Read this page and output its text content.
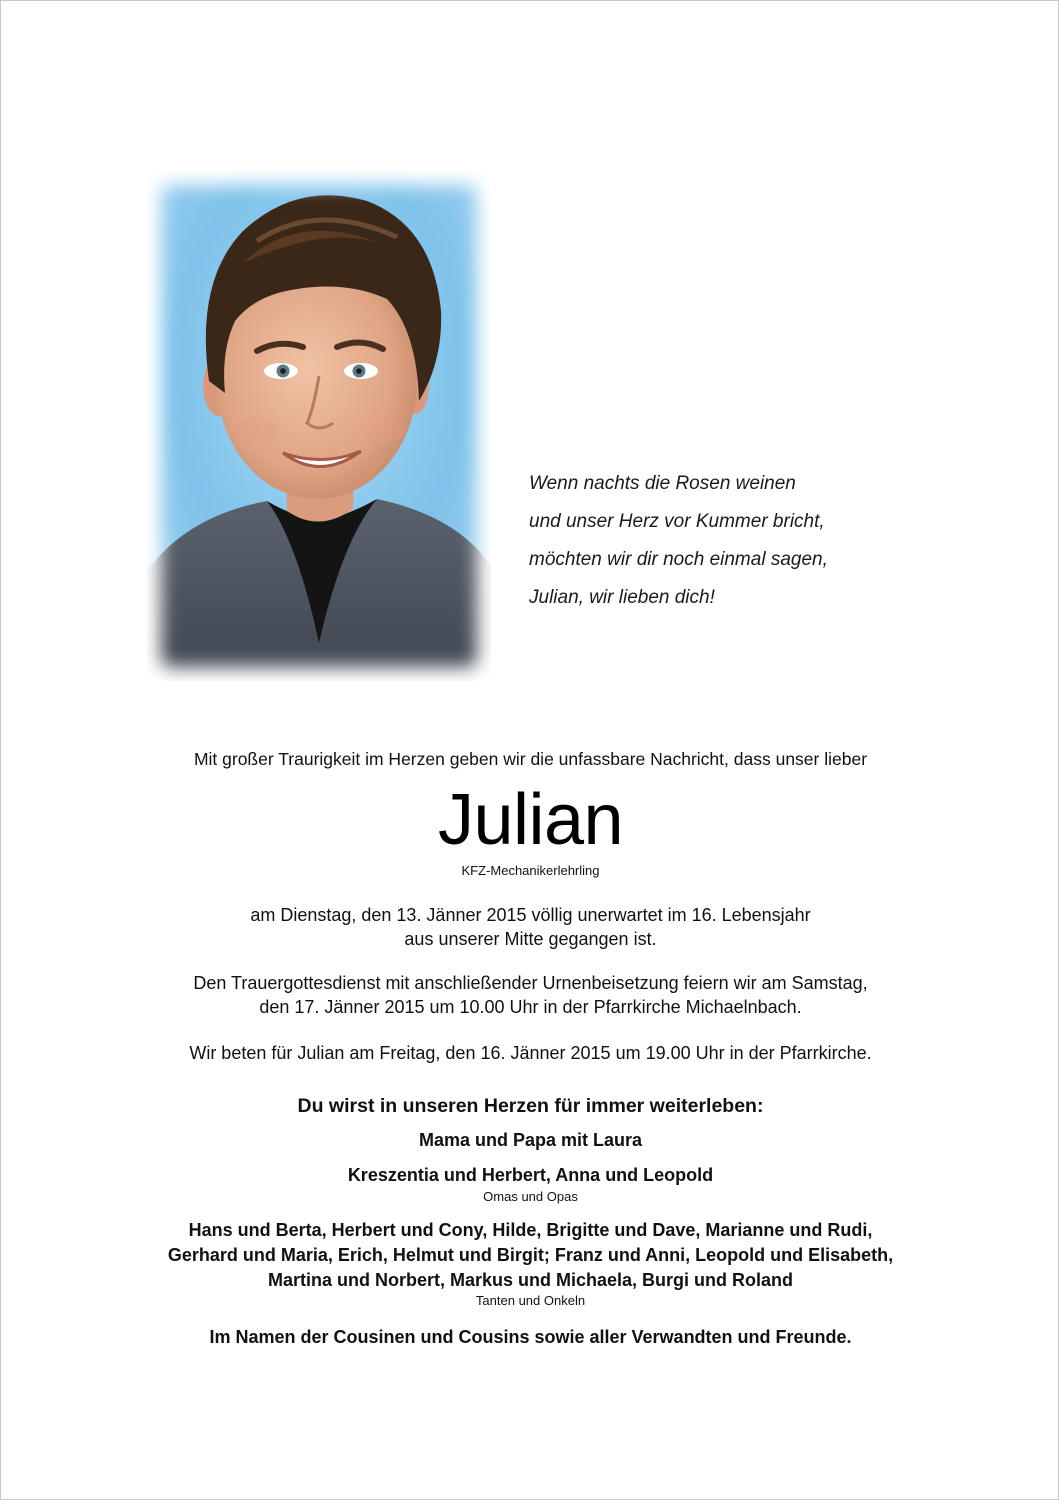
Wenn nachts die Rosen weinen
und unser Herz vor Kummer bricht,
möchten wir dir noch einmal sagen,
Julian, wir lieben dich!
Mit großer Traurigkeit im Herzen geben wir die unfassbare Nachricht, dass unser lieber
Julian
KFZ-Mechanikerlehrling
am Dienstag, den 13. Jänner 2015 völlig unerwartet im 16. Lebensjahr
aus unserer Mitte gegangen ist.
Den Trauergottesdienst mit anschließender Urnenbeisetzung feiern wir am Samstag,
den 17. Jänner 2015 um 10.00 Uhr in der Pfarrkirche Michaelnbach.
Wir beten für Julian am Freitag, den 16. Jänner 2015 um 19.00 Uhr in der Pfarrkirche.
Du wirst in unseren Herzen für immer weiterleben:
Mama und Papa mit Laura
Kreszentia und Herbert, Anna und Leopold
Omas und Opas
Hans und Berta, Herbert und Cony, Hilde, Brigitte und Dave, Marianne und Rudi,
Gerhard und Maria, Erich, Helmut und Birgit; Franz und Anni, Leopold und Elisabeth,
Martina und Norbert, Markus und Michaela, Burgi und Roland
Tanten und Onkeln
Im Namen der Cousinen und Cousins sowie aller Verwandten und Freunde.
